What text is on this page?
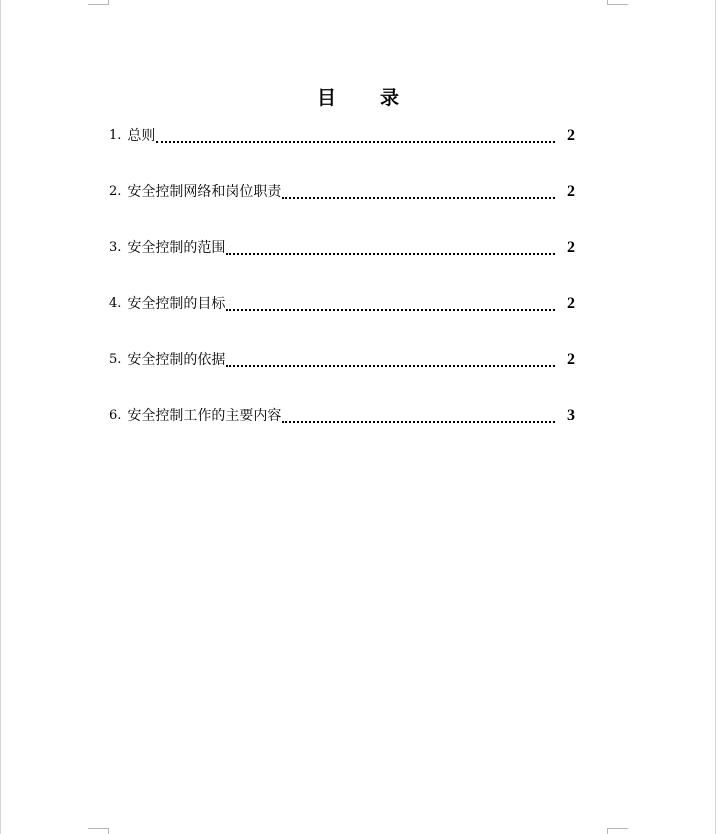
目 录
1. 总则	2
2. 安全控制网络和岗位职责	2
3. 安全控制的范围	2
4. 安全控制的目标	2
5. 安全控制的依据	2
6. 安全控制工作的主要内容	3
